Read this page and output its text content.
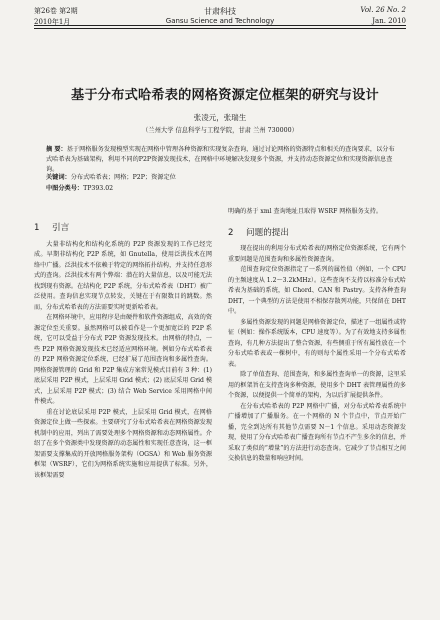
第26卷 第2期
2010年1月
甘肃科技
Gansu Science and Technology
Vol. 26 No. 2
Jan. 2010
基于分布式哈希表的网格资源定位框架的研究与设计
张凌元，张瑞生
（兰州大学 信息科学与工程学院，甘肃 兰州 730000）
摘 要：基于网格服务发现模型实现在网格中管理各种资源和实现复杂查询，通过讨论网格的资源特点和相关的查询要求，以分布式哈希表为基础架构，利用不同的P2P资源发现技术，在网格中环境解决发现多个资源，并支持动态资源定位和实现资源信息查询。
关键词：分布式哈希表；网格；P2P；资源定位
中图分类号：TP393.02
1 引言

大量非结构化和结构化系统的 P2P 资源发现的工作已经完成。早期非结构化 P2P 系统，如 Gnutella，使用泛洪技术在网络中广播。泛洪技术不依赖于特定的网络拓扑结构，并支持任意形式的查询。泛洪技术有两个弊端：潜在的大量信息，以及可能无法找到现有资源。在结构化 P2P 系统，分布式哈希表（DHT）被广泛使用。查询信息实现节点转发，关键在于有限数目的跳数。然而，分布式哈希表的方法需要实时更新哈希表。

在网格环境中，应用程序是由硬件和软件资源组成，高效的资源定位至关重要。虽然网格可以被看作是一个更加宽泛的 P2P 系统，它可以受益于分布式 P2P 资源发现技术。由网格的特点，一些 P2P 网格资源发现技术已经适应网格环境。例如分布式哈希表的 P2P 网格资源定位系统，已经扩展了范围查询和多属性查询。网格资源管理的 Grid 和 P2P 集成方案常见模式目前有 3 种：(1) 底层采用 P2P 模式，上层采用 Grid 模式；(2) 底层采用 Grid 模式，上层采用 P2P 模式；(3) 结合 Web Service 采用网格中间件模式。

重在讨论底层采用 P2P 模式，上层采用 Grid 模式，在网格资源定位上做一些探索。主要研究了分布式哈希表在网格资源发现机制中的应用，列出了需要处理多个网格资源和动态网格属性。介绍了在多个资源类中发现资源的动态属性和实现任意查询，这一框架需要支撑集成的开放网格服务架构（OGSA）和 Web 服务资源框架（WSRF），它们为网格系统实施和应用提供了标准。另外，该框架需要

明确的基于 xml 查询地址且取得 WSRF 网格服务支持。

2 问题的提出

现在提出的利用分布式哈希表的网格定位资源系统，它有两个重要问题是范围查询和多属性资源查询。

范围查询定位资源指定了一系列的属性值（例如，一个 CPU 的主频速度从 1.2～3.2kMHz）。这些查询不支持以标准分布式哈希表为基础的系统，如 Chord、CAN 和 Pastry。支持各种查询 DHT，一个典型的方法是使用不相保存散列功能，只保留在 DHT 中。

多属性资源发现的问题是网格资源定位，描述了一组属性或特征（例如：操作系统版本，CPU 速度等）。为了有效地支持多属性查询，有几种方法提出了整合资源，有些侧重于所有属性放在一个分布式哈希表或一棵树中，有的则每个属性采用一个分布式哈希表。

除了单值查询、范围查询，和多属性查询单一的资源，这里采用的框架旨在支持查询多种资源，使用多个 DHT 表管理属性的多个资源，以便提供一个简单的架构，为以后扩展提供条件。

在分布式哈希表的 P2P 网格中广播，对分布式哈希表系统中广播增加了广播服务。在一个网格的 N 个节点中，节点开始广播，完全到达所有其他节点需要 N－1 个信息。采用动态资源发现，使用了分布式哈希表广播查询所有节点不产生多余的信息，并采取了类似的“增量”的方法进行动态查询。它减少了节点相互之间交换信息的数量和响应时间。
